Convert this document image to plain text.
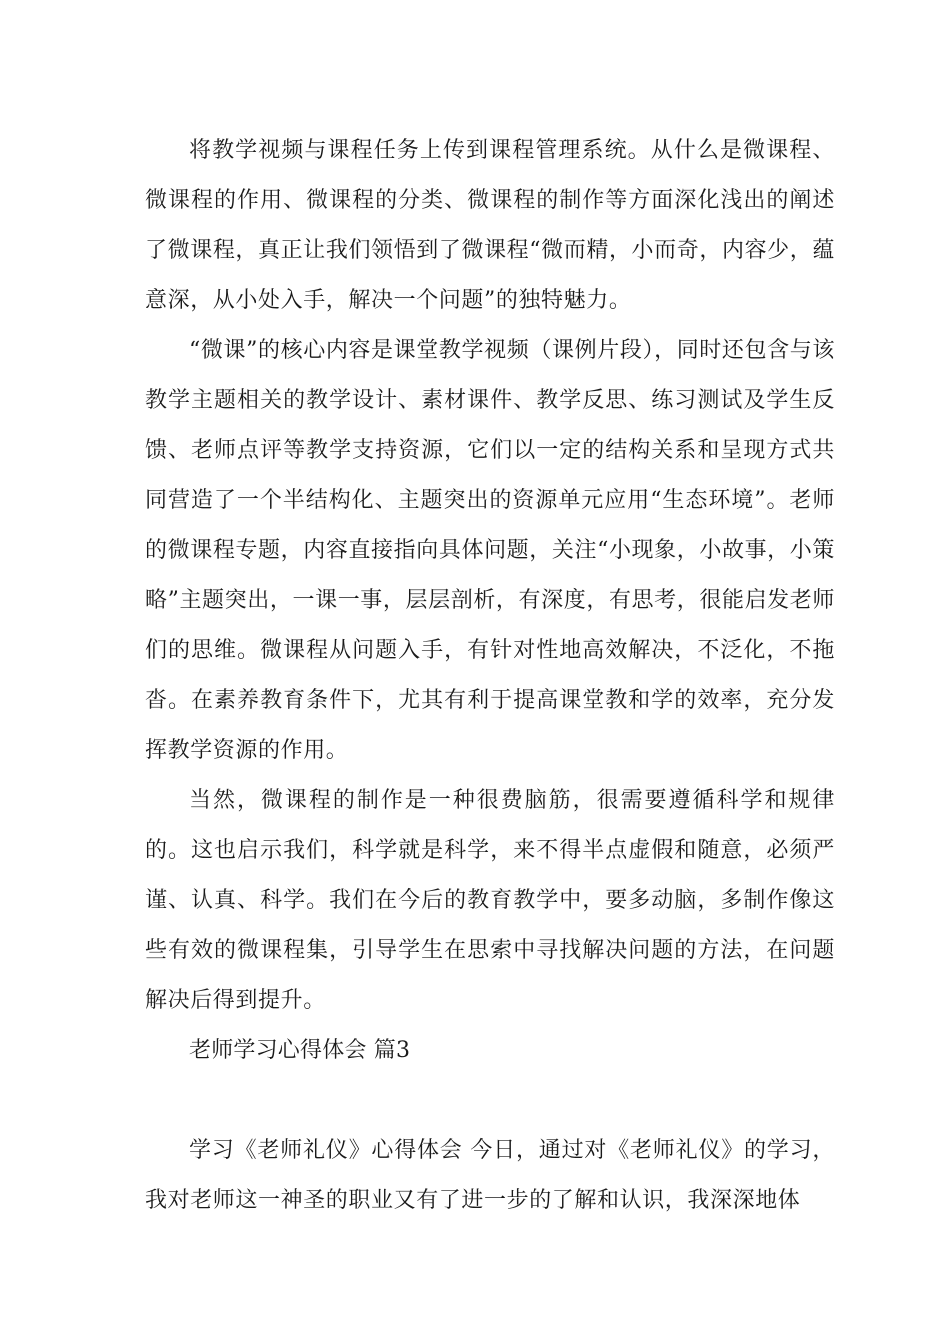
将教学视频与课程任务上传到课程管理系统。从什么是微课程、微课程的作用、微课程的分类、微课程的制作等方面深化浅出的阐述了微课程，真正让我们领悟到了微课程“微而精，小而奇，内容少，蕴意深，从小处入手，解决一个问题”的独特魅力。

“微课”的核心内容是课堂教学视频（课例片段），同时还包含与该教学主题相关的教学设计、素材课件、教学反思、练习测试及学生反馈、老师点评等教学支持资源，它们以一定的结构关系和呈现方式共同营造了一个半结构化、主题突出的资源单元应用“生态环境”。老师的微课程专题，内容直接指向具体问题，关注“小现象，小故事，小策略”主题突出，一课一事，层层剖析，有深度，有思考，很能启发老师们的思维。微课程从问题入手，有针对性地高效解决，不泛化，不拖沓。在素养教育条件下，尤其有利于提高课堂教和学的效率，充分发挥教学资源的作用。

当然，微课程的制作是一种很费脑筋，很需要遵循科学和规律的。这也启示我们，科学就是科学，来不得半点虚假和随意，必须严谨、认真、科学。我们在今后的教育教学中，要多动脑，多制作像这些有效的微课程集，引导学生在思索中寻找解决问题的方法，在问题解决后得到提升。

老师学习心得体会 篇3

学习《老师礼仪》心得体会 今日，通过对《老师礼仪》的学习，我对老师这一神圣的职业又有了进一步的了解和认识，我深深地体
